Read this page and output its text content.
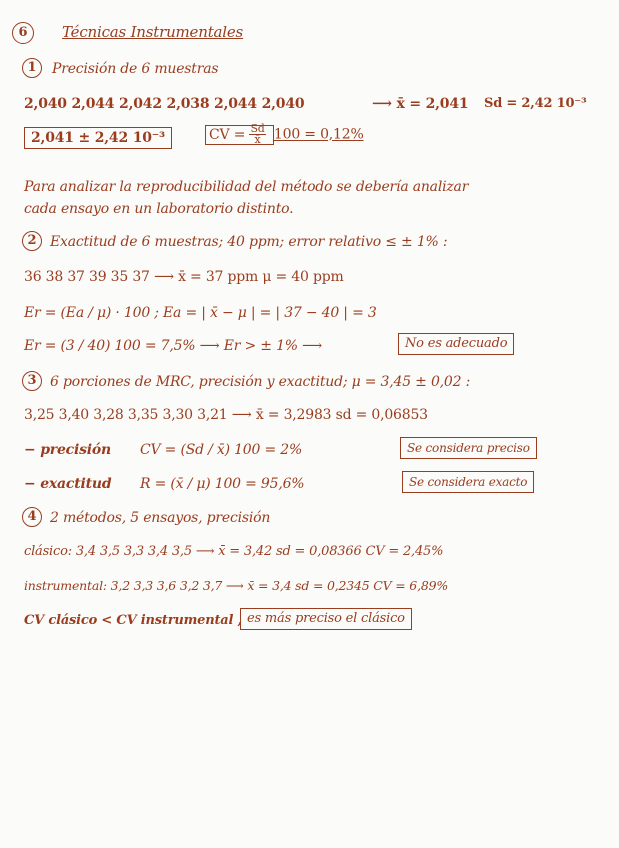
6	Técnicas Instrumentales
1	Precisión de 6 muestras
2,040 2,044 2,042 2,038 2,044 2,040	⟶ x̄ = 2,041 Sd = 2,42 10⁻³
2,041 ± 2,42 10⁻³	CV = $\frac{Sd}{x̄} 100 = 0,12\%$
Para analizar la reproducibilidad del método se debería analizar
cada ensayo en un laboratorio distinto.
2 Exactitud de 6 muestras; 40 ppm; error relativo ≤ ± 1% :
36 38 37 39 35 37 ⟶ x̄ = 37 ppm μ = 40 ppm
Er = (Ea / μ) · 100 ; Ea = | x̄ − μ | = | 37 − 40 | = 3
Er = (3 / 40) 100 = 7,5% ⟶ Er > ± 1% ⟶	No es adecuado
3 6 porciones de MRC, precisión y exactitud; μ = 3,45 ± 0,02 :
3,25 3,40 3,28 3,35 3,30 3,21 ⟶ x̄ = 3,2983 sd = 0,06853
− precisión CV = (Sd / x̄) 100 = 2%	Se considera preciso
− exactitud R = (x̄ / μ) 100 = 95,6%	Se considera exacto
4 2 métodos, 5 ensayos, precisión
clásico: 3,4 3,5 3,3 3,4 3,5 ⟶ x̄ = 3,42 sd = 0,08366 CV = 2,45%
instrumental: 3,2 3,3 3,6 3,2 3,7 ⟶ x̄ = 3,4 sd = 0,2345 CV = 6,89%
CV clásico < CV instrumental , es más preciso el clásico
